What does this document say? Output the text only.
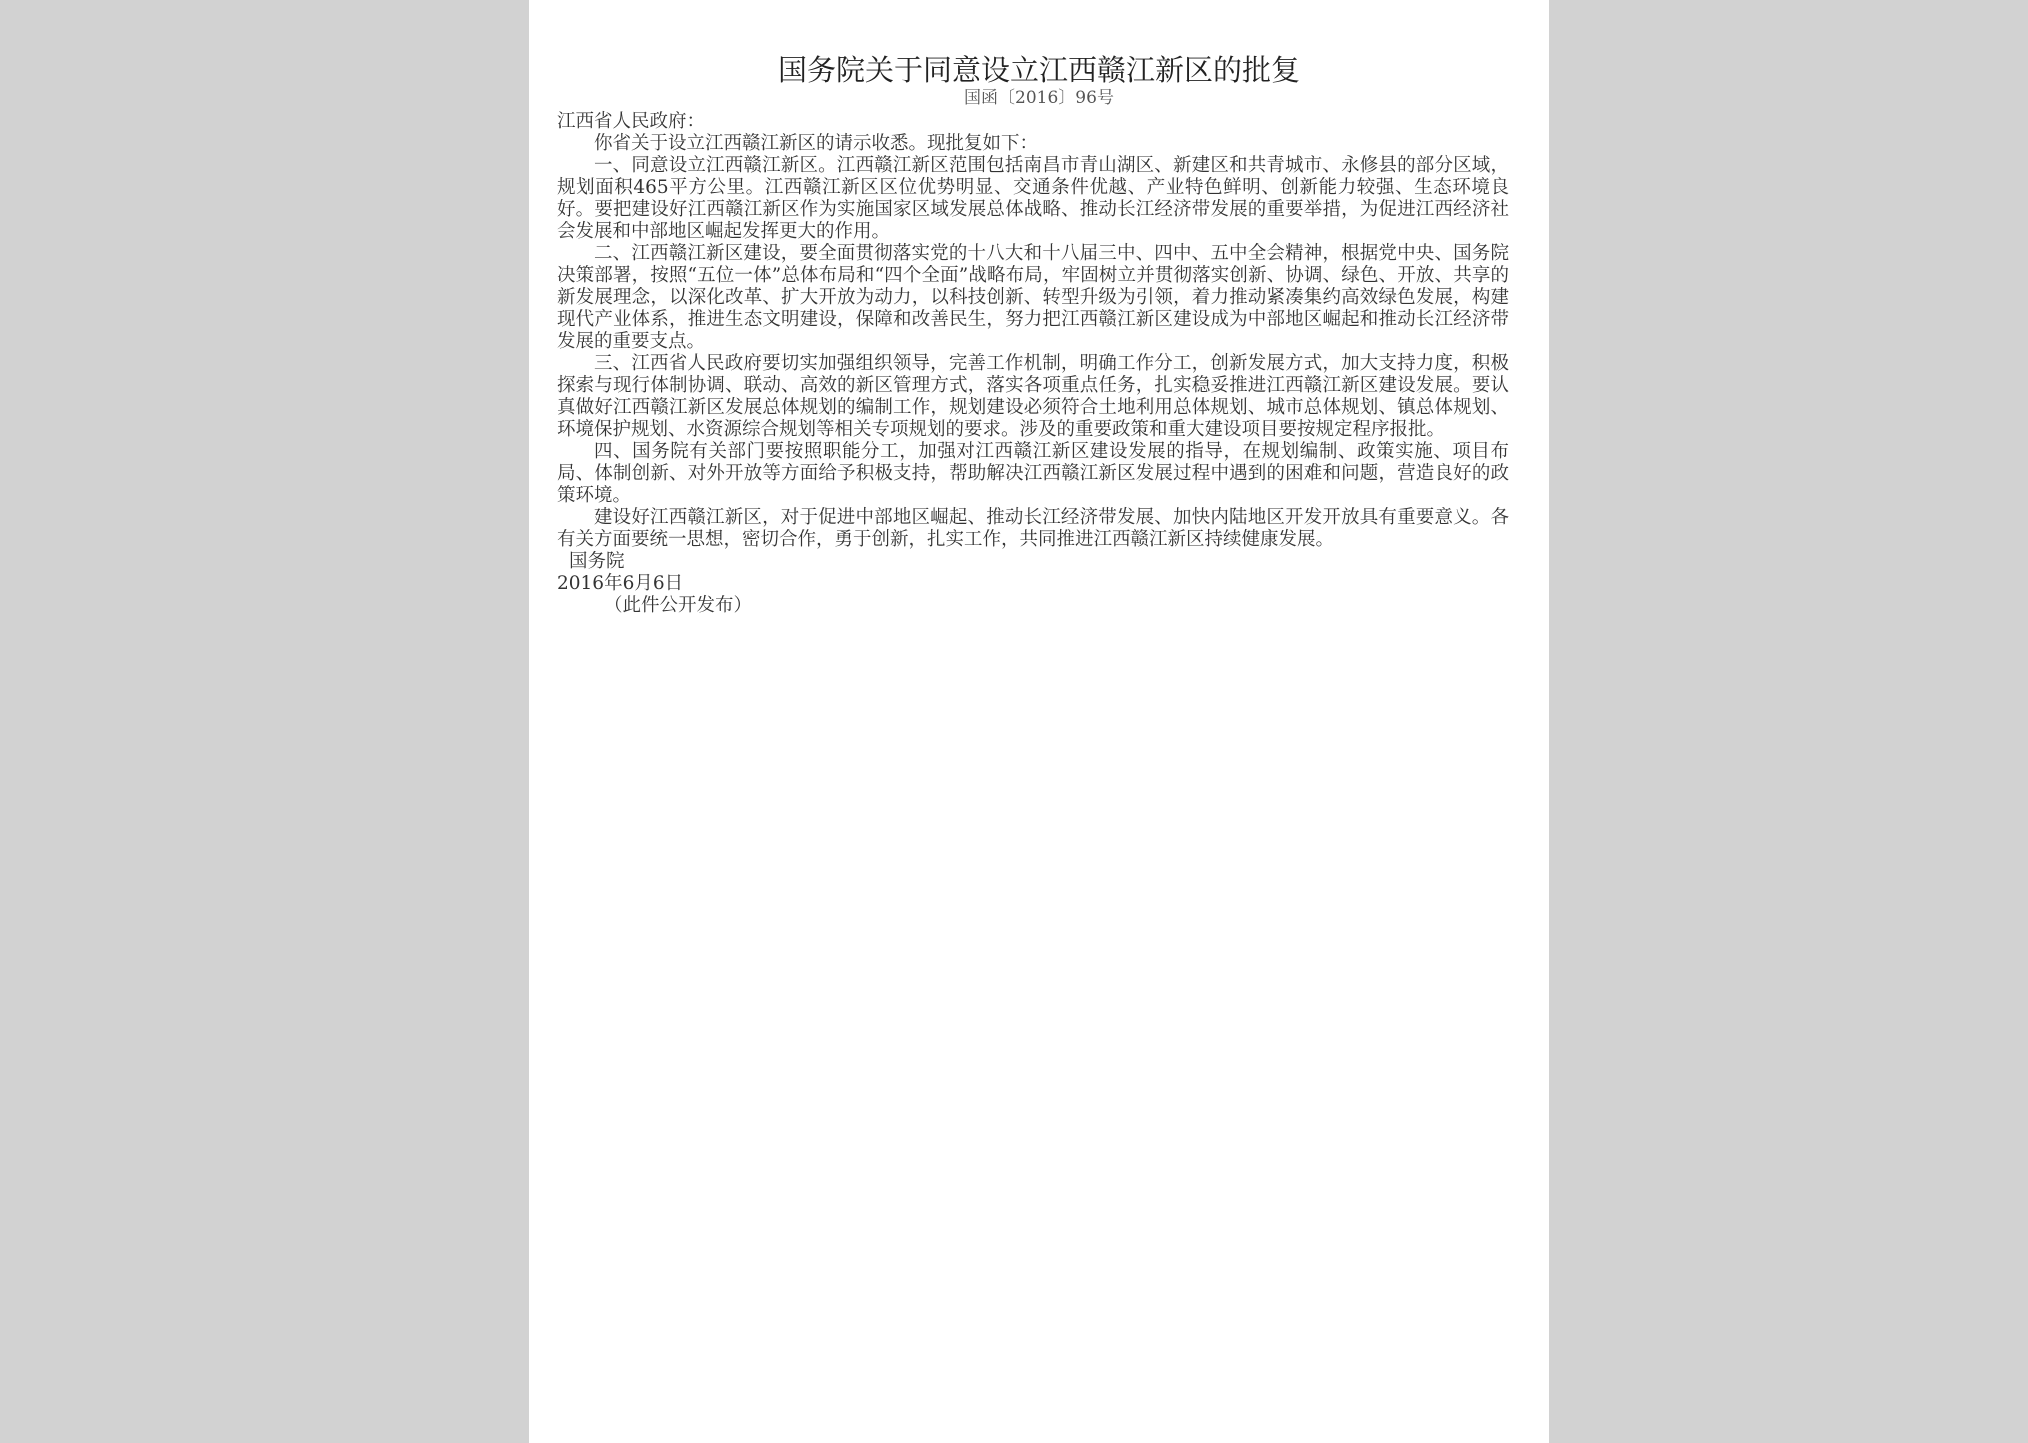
国务院关于同意设立江西赣江新区的批复
国函〔2016〕96号

江西省人民政府：

你省关于设立江西赣江新区的请示收悉。现批复如下：

一、同意设立江西赣江新区。江西赣江新区范围包括南昌市青山湖区、新建区和共青城市、永修县的部分区域，规划面积465平方公里。江西赣江新区区位优势明显、交通条件优越、产业特色鲜明、创新能力较强、生态环境良好。要把建设好江西赣江新区作为实施国家区域发展总体战略、推动长江经济带发展的重要举措，为促进江西经济社会发展和中部地区崛起发挥更大的作用。

二、江西赣江新区建设，要全面贯彻落实党的十八大和十八届三中、四中、五中全会精神，根据党中央、国务院决策部署，按照“五位一体”总体布局和“四个全面”战略布局，牢固树立并贯彻落实创新、协调、绿色、开放、共享的新发展理念，以深化改革、扩大开放为动力，以科技创新、转型升级为引领，着力推动紧凑集约高效绿色发展，构建现代产业体系，推进生态文明建设，保障和改善民生，努力把江西赣江新区建设成为中部地区崛起和推动长江经济带发展的重要支点。

三、江西省人民政府要切实加强组织领导，完善工作机制，明确工作分工，创新发展方式，加大支持力度，积极探索与现行体制协调、联动、高效的新区管理方式，落实各项重点任务，扎实稳妥推进江西赣江新区建设发展。要认真做好江西赣江新区发展总体规划的编制工作，规划建设必须符合土地利用总体规划、城市总体规划、镇总体规划、环境保护规划、水资源综合规划等相关专项规划的要求。涉及的重要政策和重大建设项目要按规定程序报批。

四、国务院有关部门要按照职能分工，加强对江西赣江新区建设发展的指导，在规划编制、政策实施、项目布局、体制创新、对外开放等方面给予积极支持，帮助解决江西赣江新区发展过程中遇到的困难和问题，营造良好的政策环境。

建设好江西赣江新区，对于促进中部地区崛起、推动长江经济带发展、加快内陆地区开发开放具有重要意义。各有关方面要统一思想，密切合作，勇于创新，扎实工作，共同推进江西赣江新区持续健康发展。

国务院

2016年6月6日

（此件公开发布）
